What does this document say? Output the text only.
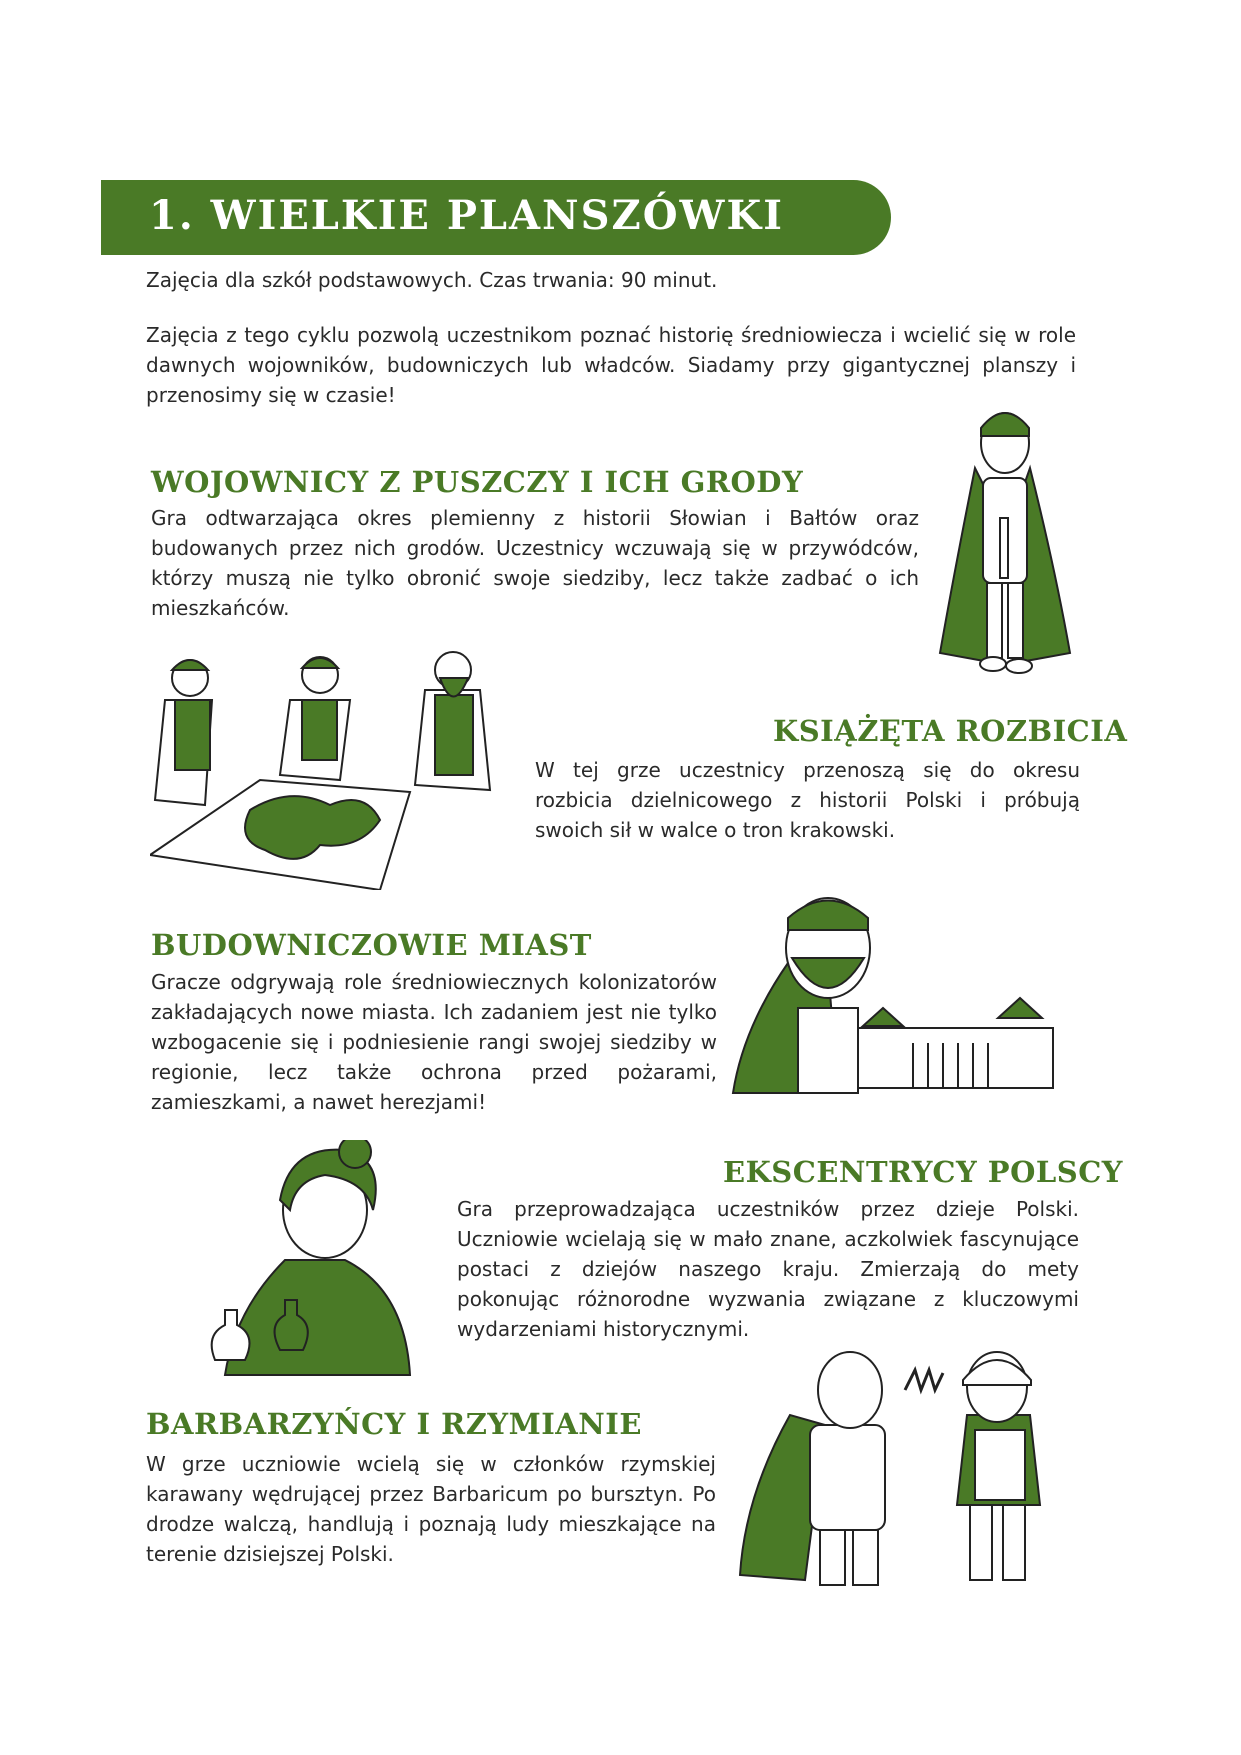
1. WIELKIE PLANSZÓWKI

Zajęcia dla szkół podstawowych. Czas trwania: 90 minut.

Zajęcia z tego cyklu pozwolą uczestnikom poznać historię średniowiecza i wcielić się w role dawnych wojowników, budowniczych lub władców. Siadamy przy gigantycznej planszy i przenosimy się w czasie!

WOJOWNICY Z PUSZCZY I ICH GRODY

Gra odtwarzająca okres plemienny z historii Słowian i Bałtów oraz budowanych przez nich grodów. Uczestnicy wczuwają się w przywódców, którzy muszą nie tylko obronić swoje siedziby, lecz także zadbać o ich mieszkańców.

KSIĄŻĘTA ROZBICIA

W tej grze uczestnicy przenoszą się do okresu rozbicia dzielnicowego z historii Polski i próbują swoich sił w walce o tron krakowski.

BUDOWNICZOWIE MIAST

Gracze odgrywają role średniowiecznych kolonizatorów zakładających nowe miasta. Ich zadaniem jest nie tylko wzbogacenie się i podniesienie rangi swojej siedziby w regionie, lecz także ochrona przed pożarami, zamieszkami, a nawet herezjami!

EKSCENTRYCY POLSCY

Gra przeprowadzająca uczestników przez dzieje Polski. Uczniowie wcielają się w mało znane, aczkolwiek fascynujące postaci z dziejów naszego kraju. Zmierzają do mety pokonując różnorodne wyzwania związane z kluczowymi wydarzeniami historycznymi.

BARBARZYŃCY I RZYMIANIE

W grze uczniowie wcielą się w członków rzymskiej karawany wędrującej przez Barbaricum po bursztyn. Po drodze walczą, handlują i poznają ludy mieszkające na terenie dzisiejszej Polski.
